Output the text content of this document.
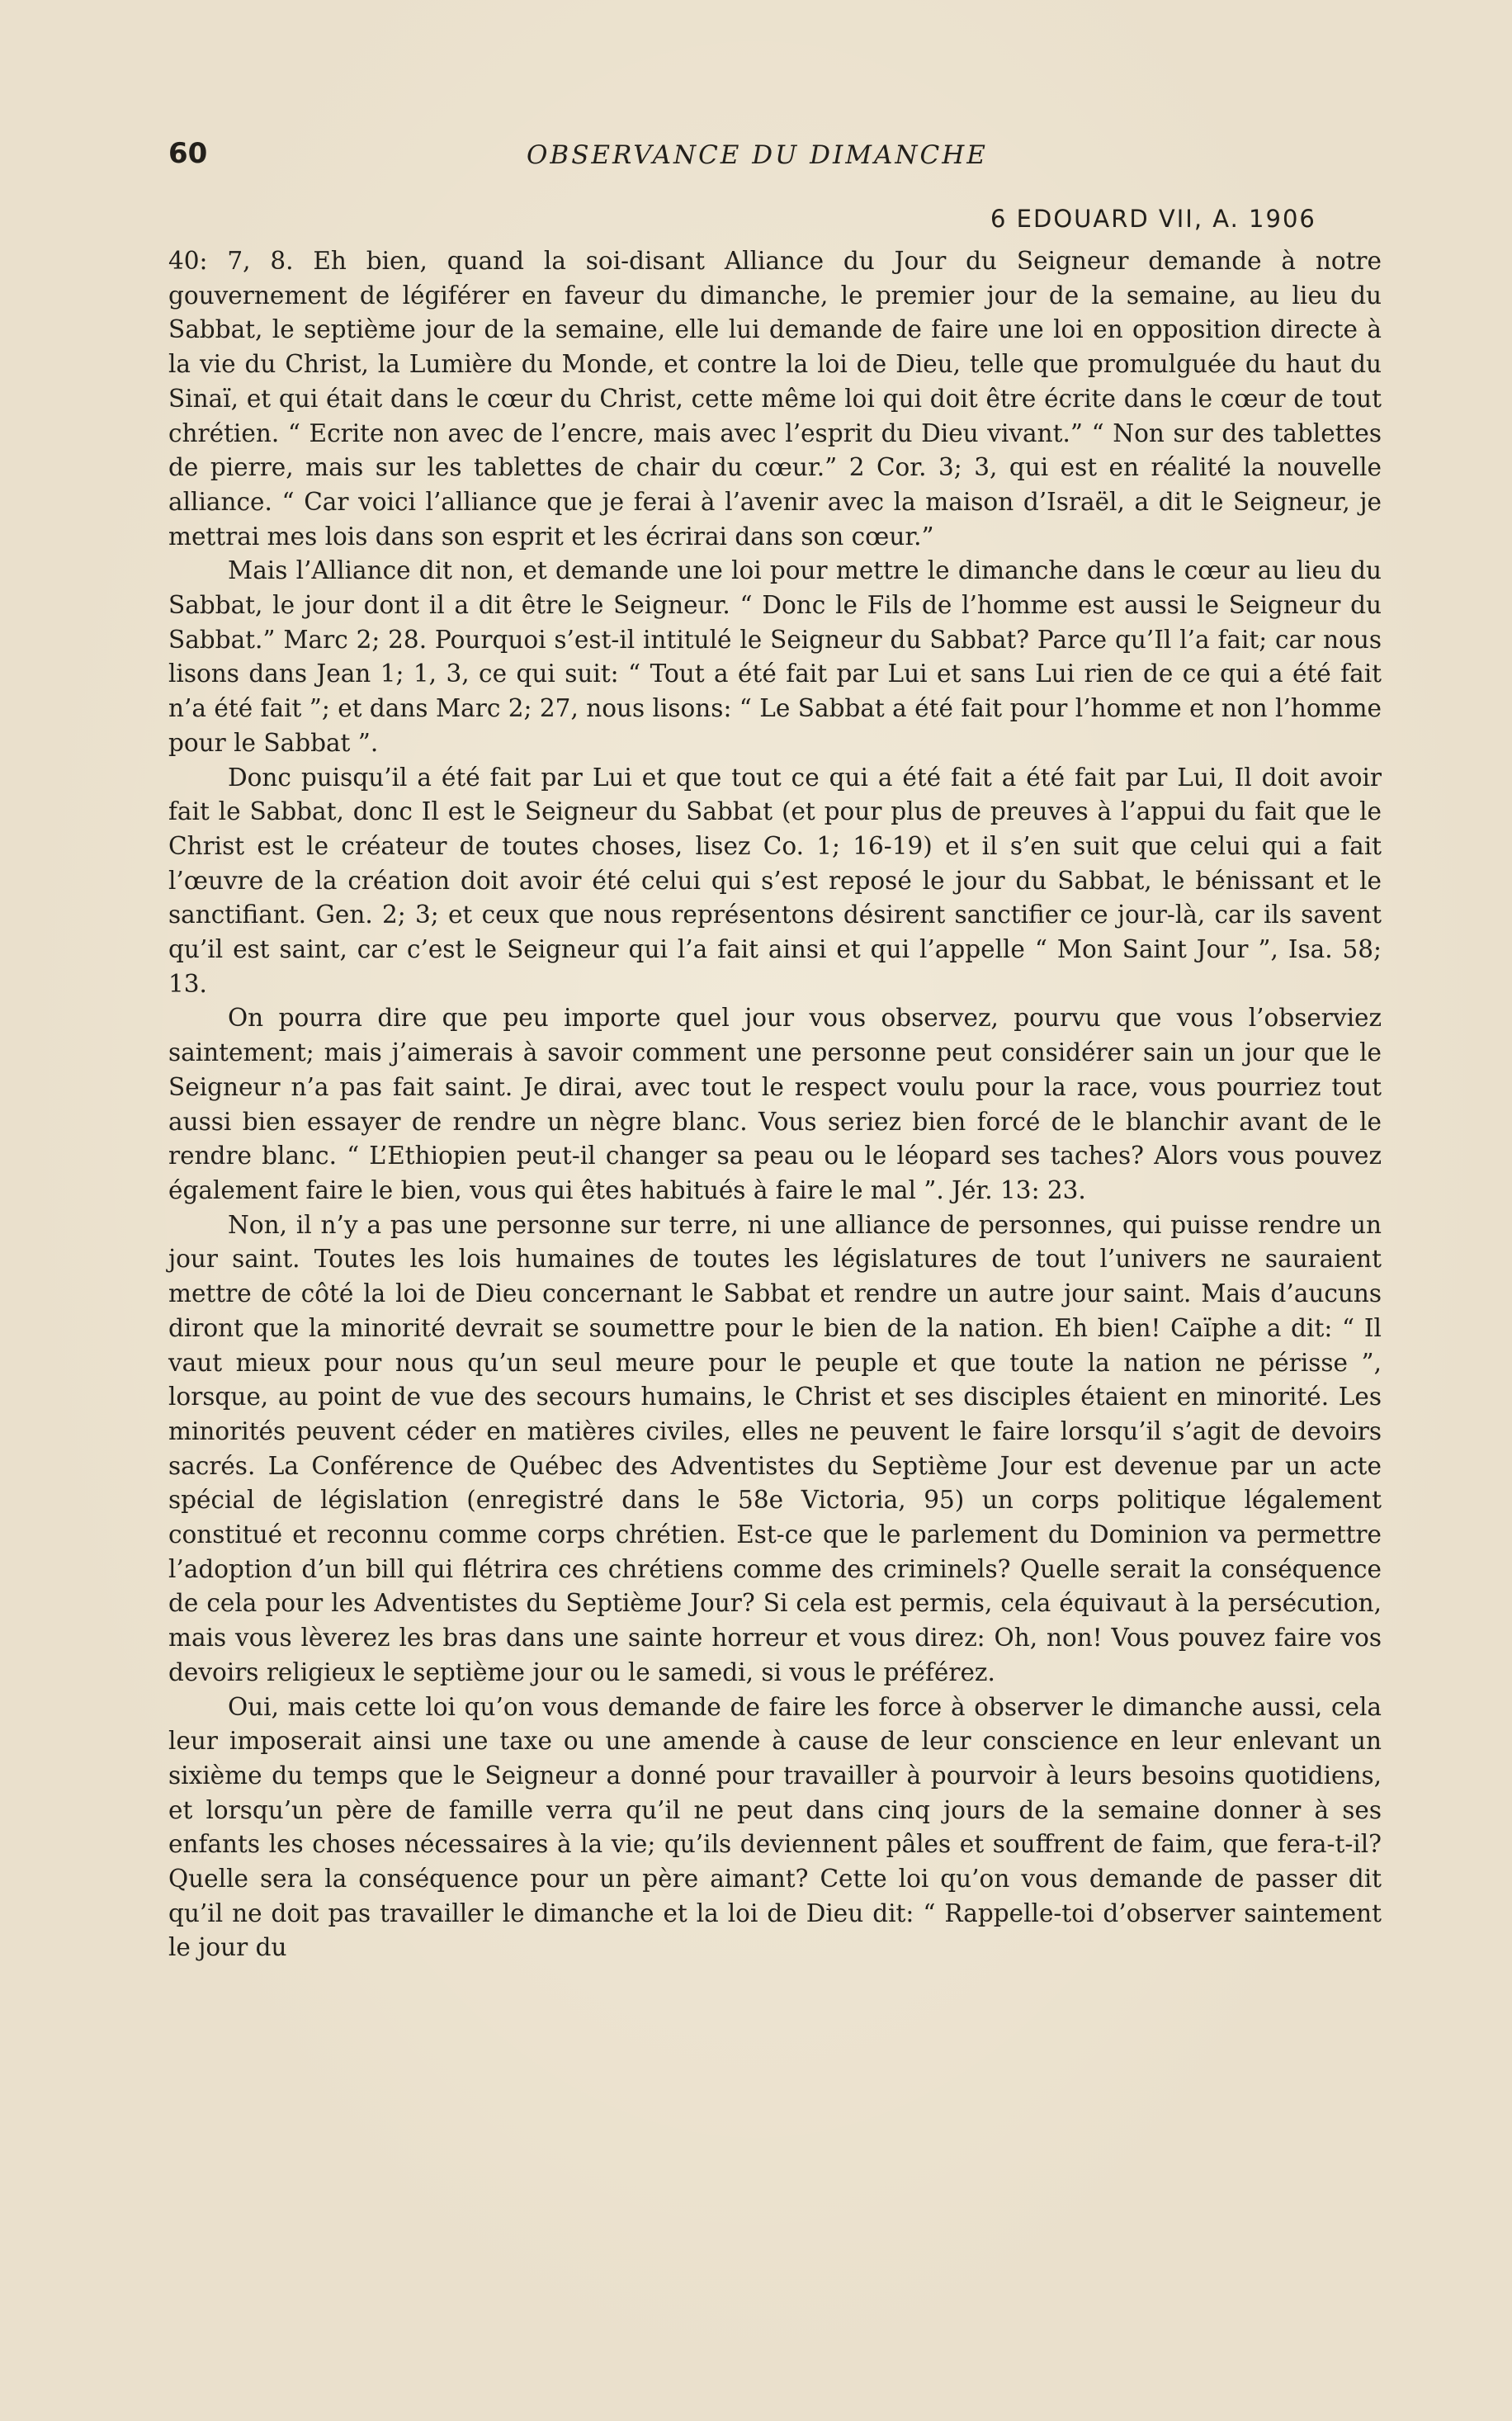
60	OBSERVANCE DU DIMANCHE
6 EDOUARD VII, A. 1906

40: 7, 8. Eh bien, quand la soi-disant Alliance du Jour du Seigneur demande à notre gouvernement de légiférer en faveur du dimanche, le premier jour de la semaine, au lieu du Sabbat, le septième jour de la semaine, elle lui demande de faire une loi en opposition directe à la vie du Christ, la Lumière du Monde, et contre la loi de Dieu, telle que promulguée du haut du Sinaï, et qui était dans le cœur du Christ, cette même loi qui doit être écrite dans le cœur de tout chrétien. “ Ecrite non avec de l’encre, mais avec l’esprit du Dieu vivant.” “ Non sur des tablettes de pierre, mais sur les tablettes de chair du cœur.” 2 Cor. 3; 3, qui est en réalité la nouvelle alliance. “ Car voici l’alliance que je ferai à l’avenir avec la maison d’Israël, a dit le Seigneur, je mettrai mes lois dans son esprit et les écrirai dans son cœur.”

Mais l’Alliance dit non, et demande une loi pour mettre le dimanche dans le cœur au lieu du Sabbat, le jour dont il a dit être le Seigneur. “ Donc le Fils de l’homme est aussi le Seigneur du Sabbat.” Marc 2; 28. Pourquoi s’est-il intitulé le Seigneur du Sabbat? Parce qu’Il l’a fait; car nous lisons dans Jean 1; 1, 3, ce qui suit: “ Tout a été fait par Lui et sans Lui rien de ce qui a été fait n’a été fait ”; et dans Marc 2; 27, nous lisons: “ Le Sabbat a été fait pour l’homme et non l’homme pour le Sabbat ”.

Donc puisqu’il a été fait par Lui et que tout ce qui a été fait a été fait par Lui, Il doit avoir fait le Sabbat, donc Il est le Seigneur du Sabbat (et pour plus de preuves à l’appui du fait que le Christ est le créateur de toutes choses, lisez Co. 1; 16-19) et il s’en suit que celui qui a fait l’œuvre de la création doit avoir été celui qui s’est reposé le jour du Sabbat, le bénissant et le sanctifiant. Gen. 2; 3; et ceux que nous représentons désirent sanctifier ce jour-là, car ils savent qu’il est saint, car c’est le Seigneur qui l’a fait ainsi et qui l’appelle “ Mon Saint Jour ”, Isa. 58; 13.

On pourra dire que peu importe quel jour vous observez, pourvu que vous l’observiez saintement; mais j’aimerais à savoir comment une personne peut considérer sain un jour que le Seigneur n’a pas fait saint. Je dirai, avec tout le respect voulu pour la race, vous pourriez tout aussi bien essayer de rendre un nègre blanc. Vous seriez bien forcé de le blanchir avant de le rendre blanc. “ L’Ethiopien peut-il changer sa peau ou le léopard ses taches? Alors vous pouvez également faire le bien, vous qui êtes habitués à faire le mal ”. Jér. 13: 23.

Non, il n’y a pas une personne sur terre, ni une alliance de personnes, qui puisse rendre un jour saint. Toutes les lois humaines de toutes les législatures de tout l’univers ne sauraient mettre de côté la loi de Dieu concernant le Sabbat et rendre un autre jour saint. Mais d’aucuns diront que la minorité devrait se soumettre pour le bien de la nation. Eh bien! Caïphe a dit: “ Il vaut mieux pour nous qu’un seul meure pour le peuple et que toute la nation ne périsse ”, lorsque, au point de vue des secours humains, le Christ et ses disciples étaient en minorité. Les minorités peuvent céder en matières civiles, elles ne peuvent le faire lorsqu’il s’agit de devoirs sacrés. La Conférence de Québec des Adventistes du Septième Jour est devenue par un acte spécial de législation (enregistré dans le 58e Victoria, 95) un corps politique légalement constitué et reconnu comme corps chrétien. Est-ce que le parlement du Dominion va permettre l’adoption d’un bill qui flétrira ces chrétiens comme des criminels? Quelle serait la conséquence de cela pour les Adventistes du Septième Jour? Si cela est permis, cela équivaut à la persécution, mais vous lèverez les bras dans une sainte horreur et vous direz: Oh, non! Vous pouvez faire vos devoirs religieux le septième jour ou le samedi, si vous le préférez.

Oui, mais cette loi qu’on vous demande de faire les force à observer le dimanche aussi, cela leur imposerait ainsi une taxe ou une amende à cause de leur conscience en leur enlevant un sixième du temps que le Seigneur a donné pour travailler à pourvoir à leurs besoins quotidiens, et lorsqu’un père de famille verra qu’il ne peut dans cinq jours de la semaine donner à ses enfants les choses nécessaires à la vie; qu’ils deviennent pâles et souffrent de faim, que fera-t-il? Quelle sera la conséquence pour un père aimant? Cette loi qu’on vous demande de passer dit qu’il ne doit pas travailler le dimanche et la loi de Dieu dit: “ Rappelle-toi d’observer saintement le jour du
